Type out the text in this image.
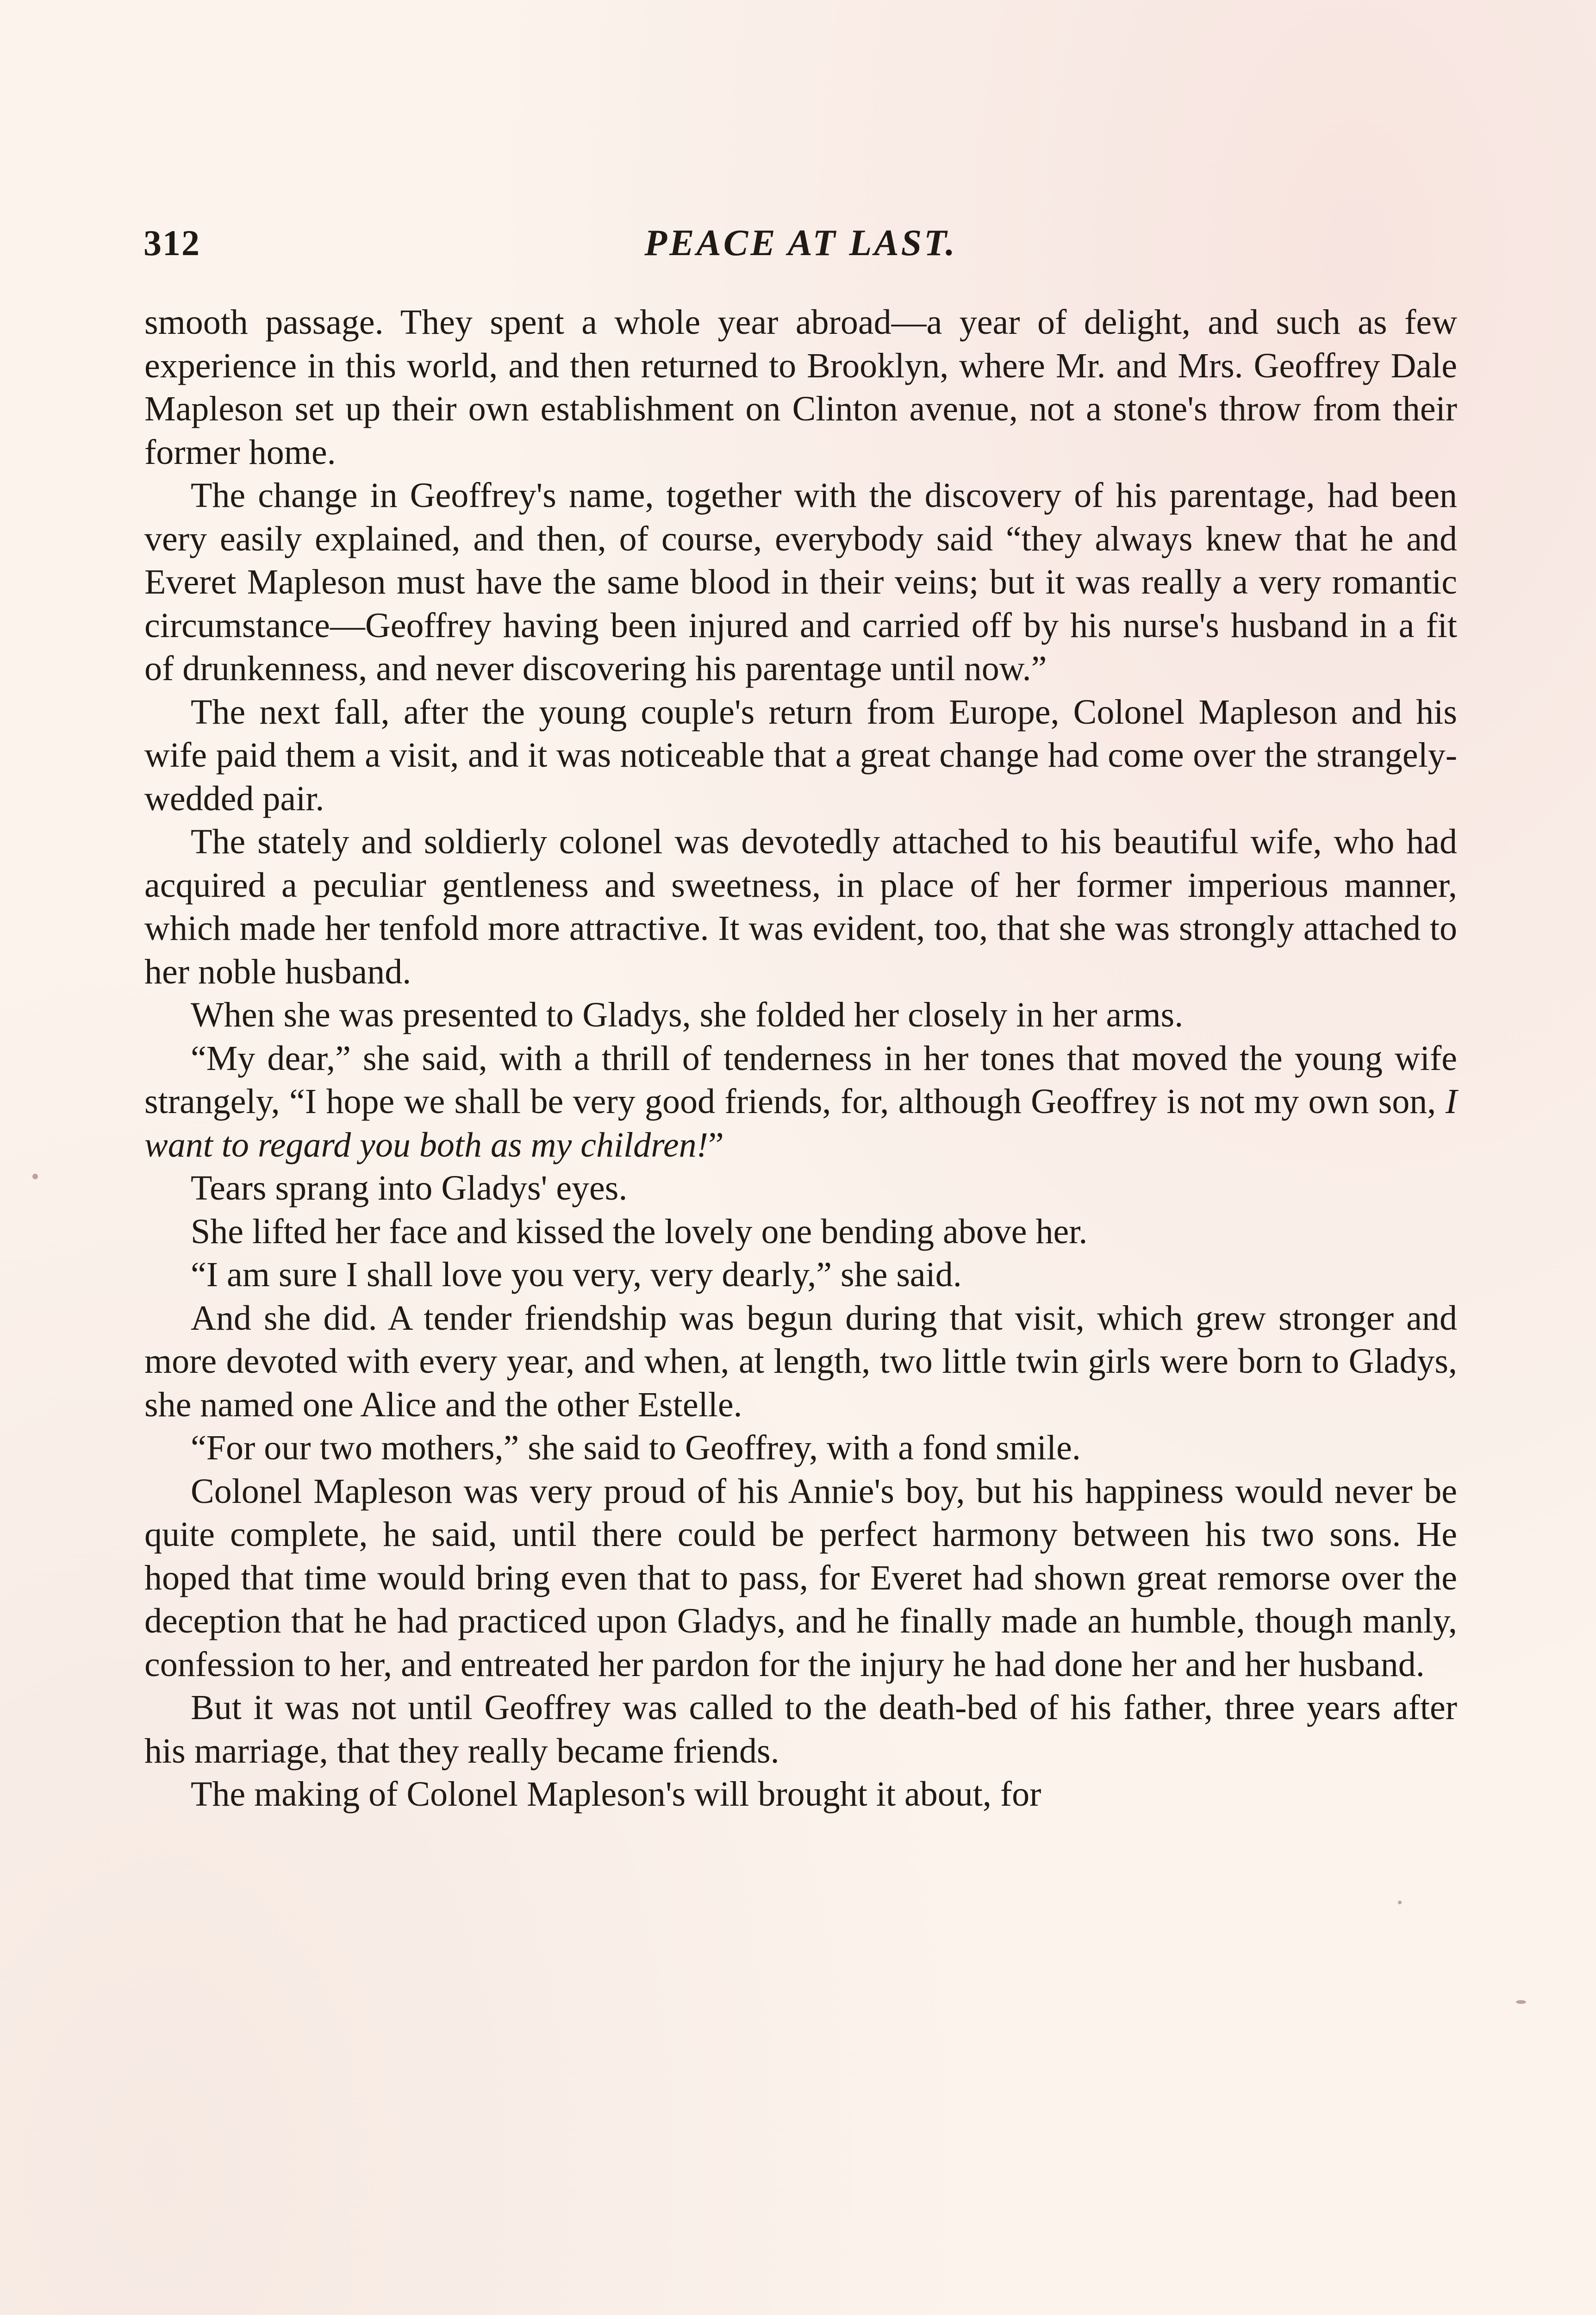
312	PEACE AT LAST.

smooth passage. They spent a whole year abroad—a year of delight, and such as few experience in this world, and then returned to Brooklyn, where Mr. and Mrs. Geoffrey Dale Mapleson set up their own establishment on Clinton avenue, not a stone's throw from their former home.

The change in Geoffrey's name, together with the discovery of his parentage, had been very easily explained, and then, of course, everybody said “they always knew that he and Everet Mapleson must have the same blood in their veins; but it was really a very romantic circumstance—Geoffrey having been injured and carried off by his nurse's husband in a fit of drunkenness, and never discovering his parentage until now.”

The next fall, after the young couple's return from Europe, Colonel Mapleson and his wife paid them a visit, and it was noticeable that a great change had come over the strangely-wedded pair.

The stately and soldierly colonel was devotedly attached to his beautiful wife, who had acquired a peculiar gentleness and sweetness, in place of her former imperious manner, which made her tenfold more attractive. It was evident, too, that she was strongly attached to her noble husband.

When she was presented to Gladys, she folded her closely in her arms.

“My dear,” she said, with a thrill of tenderness in her tones that moved the young wife strangely, “I hope we shall be very good friends, for, although Geoffrey is not my own son, I want to regard you both as my children!”

Tears sprang into Gladys' eyes.

She lifted her face and kissed the lovely one bending above her.

“I am sure I shall love you very, very dearly,” she said.

And she did. A tender friendship was begun during that visit, which grew stronger and more devoted with every year, and when, at length, two little twin girls were born to Gladys, she named one Alice and the other Estelle.

“For our two mothers,” she said to Geoffrey, with a fond smile.

Colonel Mapleson was very proud of his Annie's boy, but his happiness would never be quite complete, he said, until there could be perfect harmony between his two sons. He hoped that time would bring even that to pass, for Everet had shown great remorse over the deception that he had practiced upon Gladys, and he finally made an humble, though manly, confession to her, and entreated her pardon for the injury he had done her and her husband.

But it was not until Geoffrey was called to the death-bed of his father, three years after his marriage, that they really became friends.

The making of Colonel Mapleson's will brought it about, for
